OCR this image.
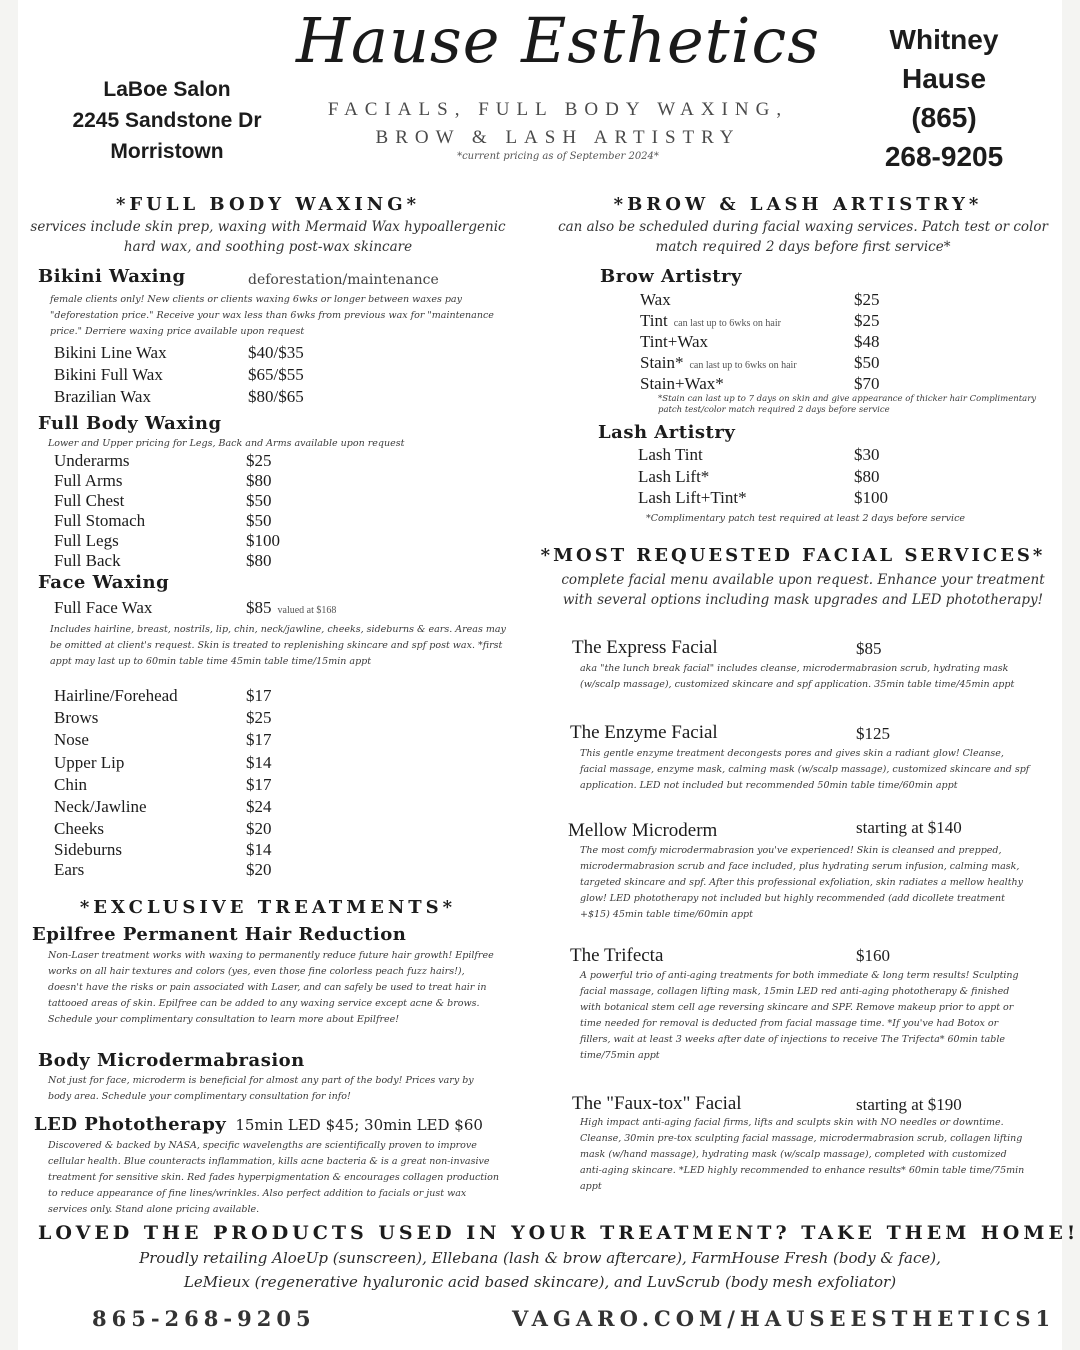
LaBoe Salon
2245 Sandstone Dr
Morristown
Hause Esthetics
FACIALS, FULL BODY WAXING,
BROW & LASH ARTISTRY
*current pricing as of September 2024*
Whitney
Hause
(865)
268-9205
*FULL BODY WAXING*
services include skin prep, waxing with Mermaid Wax hypoallergenic hard wax, and soothing post-wax skincare
Bikini Waxing	deforestation/maintenance
female clients only! New clients or clients waxing 6wks or longer between waxes pay "deforestation price." Receive your wax less than 6wks from previous wax for "maintenance price." Derriere waxing price available upon request
Bikini Line Wax	$40/$35
Bikini Full Wax	$65/$55
Brazilian Wax	$80/$65
Full Body Waxing
Lower and Upper pricing for Legs, Back and Arms available upon request
Underarms	$25
Full Arms	$80
Full Chest	$50
Full Stomach	$50
Full Legs	$100
Full Back	$80
Face Waxing
Full Face Wax	$85 valued at $168
Includes hairline, breast, nostrils, lip, chin, neck/jawline, cheeks, sideburns & ears. Areas may be omitted at client's request. Skin is treated to replenishing skincare and spf post wax. *first appt may last up to 60min table time 45min table time/15min appt
Hairline/Forehead	$17
Brows	$25
Nose	$17
Upper Lip	$14
Chin	$17
Neck/Jawline	$24
Cheeks	$20
Sideburns	$14
Ears	$20
*EXCLUSIVE TREATMENTS*
Epilfree Permanent Hair Reduction
Non-Laser treatment works with waxing to permanently reduce future hair growth! Epilfree works on all hair textures and colors (yes, even those fine colorless peach fuzz hairs!), doesn't have the risks or pain associated with Laser, and can safely be used to treat hair in tattooed areas of skin. Epilfree can be added to any waxing service except acne & brows. Schedule your complimentary consultation to learn more about Epilfree!
Body Microdermabrasion
Not just for face, microderm is beneficial for almost any part of the body! Prices vary by body area. Schedule your complimentary consultation for info!
LED Phototherapy 15min LED $45; 30min LED $60
Discovered & backed by NASA, specific wavelengths are scientifically proven to improve cellular health. Blue counteracts inflammation, kills acne bacteria & is a great non-invasive treatment for sensitive skin. Red fades hyperpigmentation & encourages collagen production to reduce appearance of fine lines/wrinkles. Also perfect addition to facials or just wax services only. Stand alone pricing available.
*BROW & LASH ARTISTRY*
can also be scheduled during facial waxing services. Patch test or color match required 2 days before first service*
Brow Artistry
Wax	$25
Tint can last up to 6wks on hair	$25
Tint+Wax	$48
Stain* can last up to 6wks on hair	$50
Stain+Wax*	$70
*Stain can last up to 7 days on skin and give appearance of thicker hair Complimentary patch test/color match required 2 days before service
Lash Artistry
Lash Tint	$30
Lash Lift*	$80
Lash Lift+Tint*	$100
*Complimentary patch test required at least 2 days before service
*MOST REQUESTED FACIAL SERVICES*
complete facial menu available upon request. Enhance your treatment with several options including mask upgrades and LED phototherapy!
The Express Facial	$85
aka "the lunch break facial" includes cleanse, microdermabrasion scrub, hydrating mask (w/scalp massage), customized skincare and spf application. 35min table time/45min appt
The Enzyme Facial	$125
This gentle enzyme treatment decongests pores and gives skin a radiant glow! Cleanse, facial massage, enzyme mask, calming mask (w/scalp massage), customized skincare and spf application. LED not included but recommended 50min table time/60min appt
Mellow Microderm	starting at $140
The most comfy microdermabrasion you've experienced! Skin is cleansed and prepped, microdermabrasion scrub and face included, plus hydrating serum infusion, calming mask, targeted skincare and spf. After this professional exfoliation, skin radiates a mellow healthy glow! LED phototherapy not included but highly recommended (add dicollete treatment +$15) 45min table time/60min appt
The Trifecta	$160
A powerful trio of anti-aging treatments for both immediate & long term results! Sculpting facial massage, collagen lifting mask, 15min LED red anti-aging phototherapy & finished with botanical stem cell age reversing skincare and SPF. Remove makeup prior to appt or time needed for removal is deducted from facial massage time. *If you've had Botox or fillers, wait at least 3 weeks after date of injections to receive The Trifecta* 60min table time/75min appt
The "Faux-tox" Facial	starting at $190
High impact anti-aging facial firms, lifts and sculpts skin with NO needles or downtime. Cleanse, 30min pre-tox sculpting facial massage, microdermabrasion scrub, collagen lifting mask (w/hand massage), hydrating mask (w/scalp massage), completed with customized anti-aging skincare. *LED highly recommended to enhance results* 60min table time/75min appt
LOVED THE PRODUCTS USED IN YOUR TREATMENT? TAKE THEM HOME!
Proudly retailing AloeUp (sunscreen), Ellebana (lash & brow aftercare), FarmHouse Fresh (body & face),
LeMieux (regenerative hyaluronic acid based skincare), and LuvScrub (body mesh exfoliator)
865-268-9205	VAGARO.COM/HAUSEESTHETICS1
